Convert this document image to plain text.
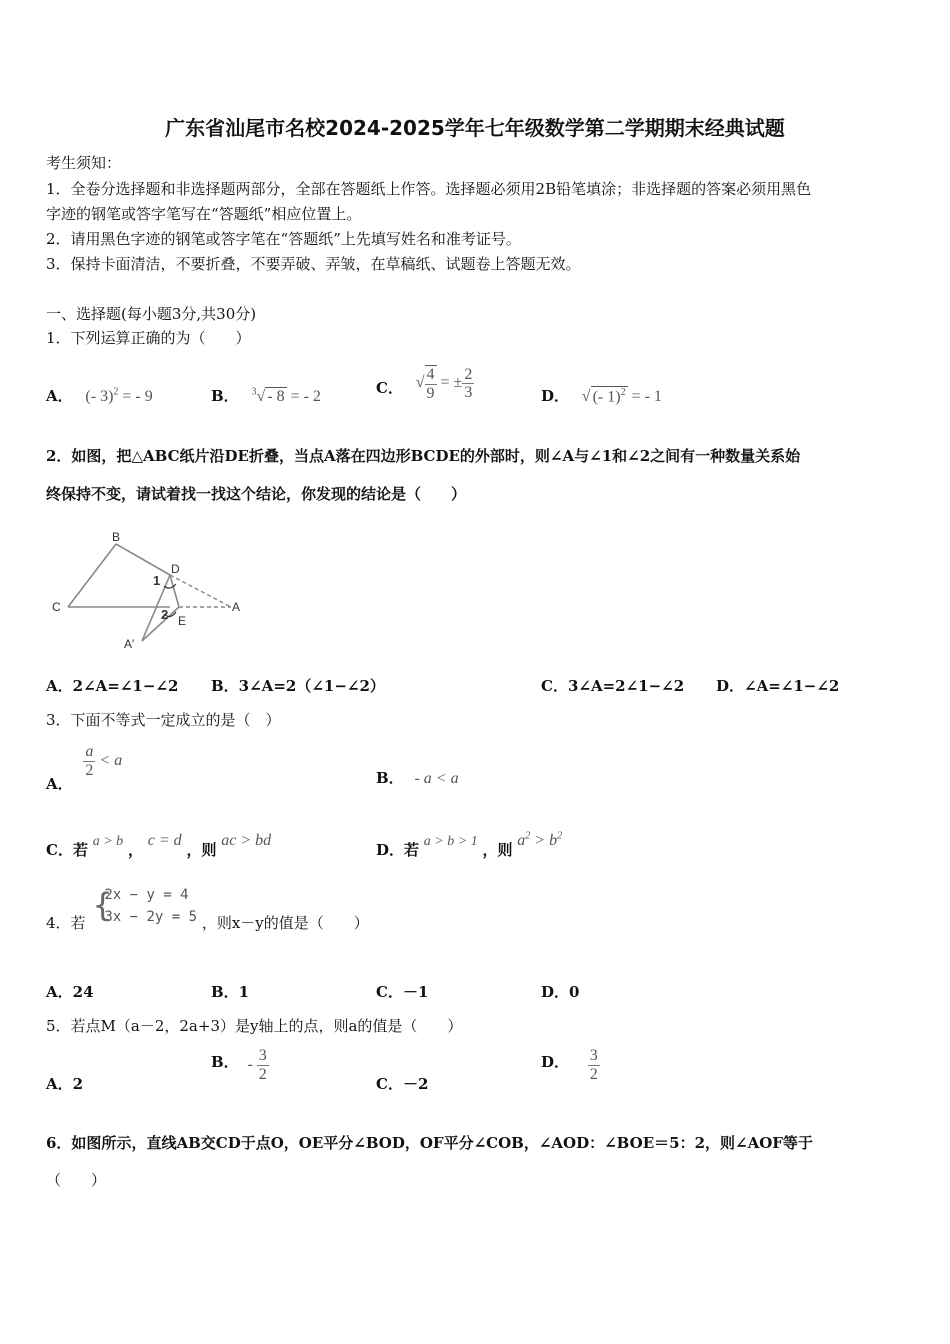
广东省汕尾市名校2024-2025学年七年级数学第二学期期末经典试题
考生须知：
1．全卷分选择题和非选择题两部分，全部在答题纸上作答。选择题必须用2B铅笔填涂；非选择题的答案必须用黑色
字迹的钢笔或答字笔写在“答题纸”相应位置上。
2．请用黑色字迹的钢笔或答字笔在“答题纸”上先填写姓名和准考证号。
3．保持卡面清洁，不要折叠，不要弄破、弄皱，在草稿纸、试题卷上答题无效。
一、选择题(每小题3分,共30分)
1．下列运算正确的为（　　）
A． (- 3)$^2$ = - 9	B． $^3$√ - 8 = - 2	C． √ $\frac{4}{9}$ = ± $\frac{2}{3}$	D． √ (- 1)$^2$ = - 1
2．如图，把△ABC纸片沿DE折叠，当点A落在四边形BCDE的外部时，则∠A与∠1和∠2之间有一种数量关系始
终保持不变，请试着找一找这个结论，你发现的结论是（　　）
B
D
1
C	A
2 E
A′
A．2∠A=∠1−∠2 B．3∠A=2（∠1−∠2）	C．3∠A=2∠1−∠2 D．∠A=∠1−∠2
3．下面不等式一定成立的是（　）
A．
$\frac{a}{2} < a$
B． - a < a
C．若 a > b ， c = d ，则 ac > bd
D．若 a > b > 1 ，则 $a^2 > b^2$
4．若 {
2x − y = 4
3x − 2y = 5 ，则x－y的值是（　　）
A．24	B．1	C．－1	D．0
5．若点M（a－2，2a+3）是y轴上的点，则a的值是（　　）
A．2
B． - $\frac{3}{2}$
C．－2
D． $\frac{3}{2}$
6．如图所示，直线AB交CD于点O，OE平分∠BOD，OF平分∠COB，∠AOD：∠BOE＝5：2，则∠AOF等于
（　　）
